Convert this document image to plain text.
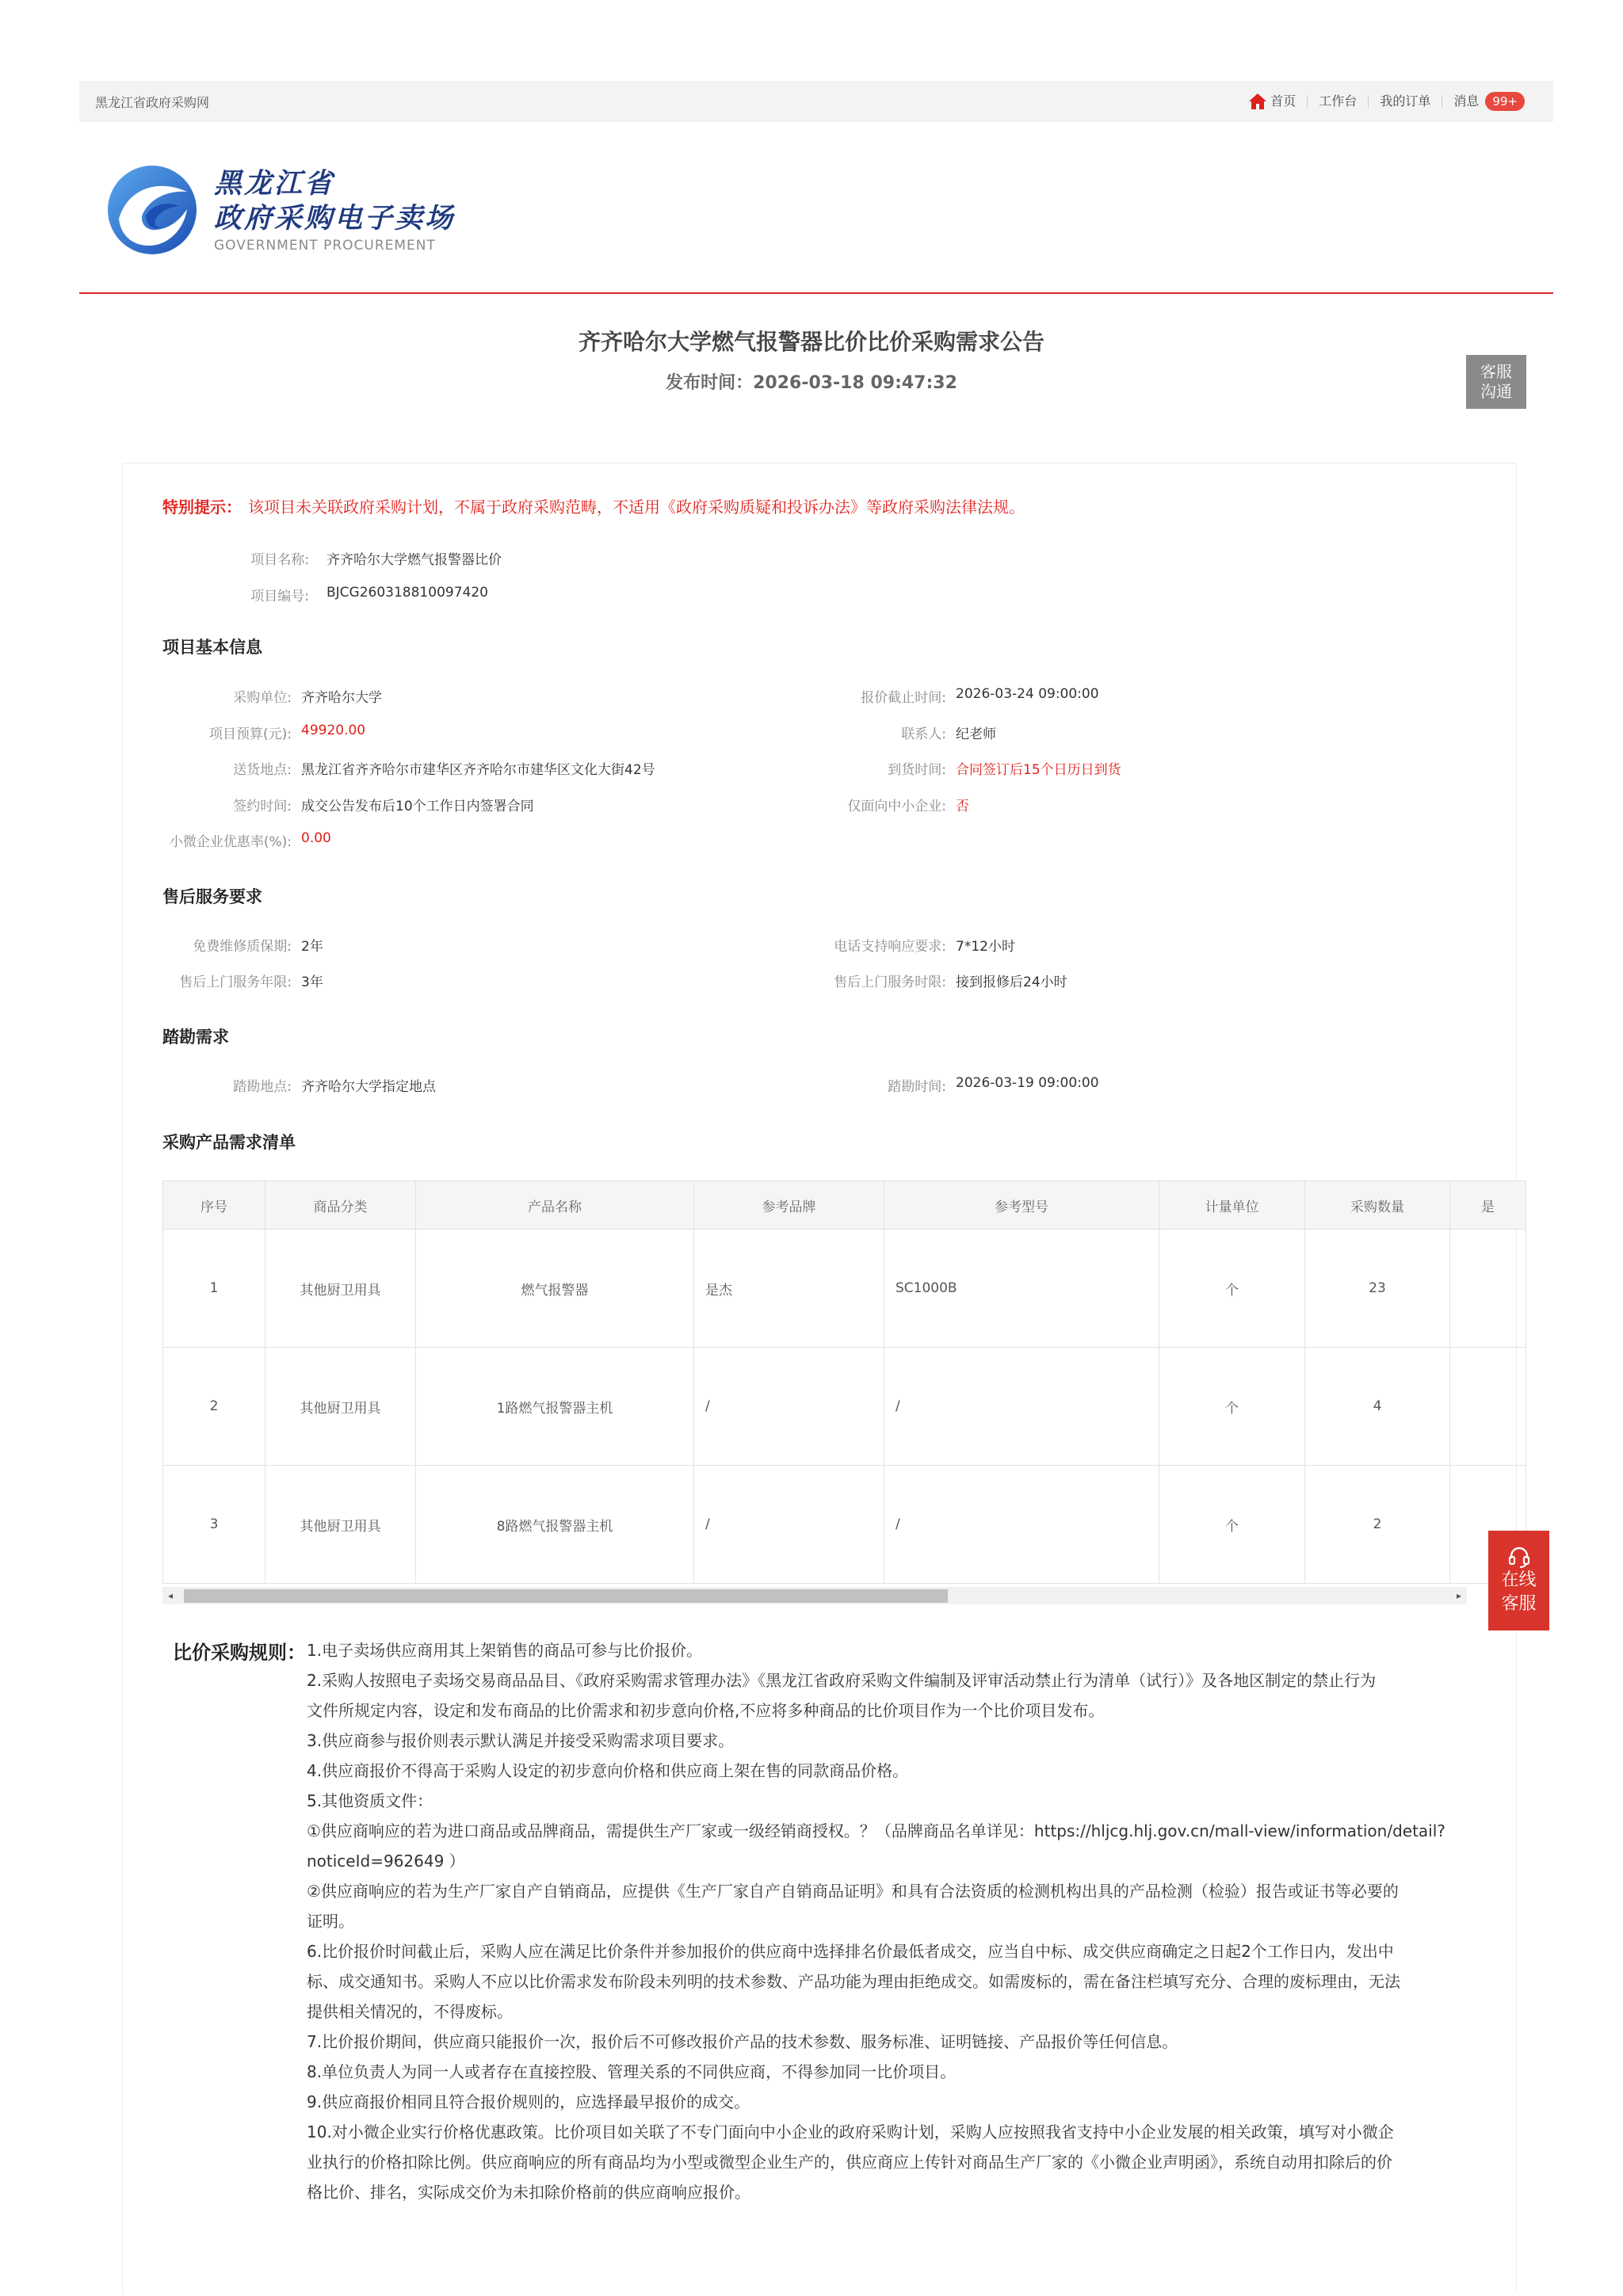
黑龙江省政府采购网	首页	工作台	我的订单	消息	99+
黑龙江省
政府采购电子卖场
GOVERNMENT PROCUREMENT
齐齐哈尔大学燃气报警器比价比价采购需求公告
发布时间：2026-03-18 09:47:32
客服
沟通
特别提示： 该项目未关联政府采购计划，不属于政府采购范畴，不适用《政府采购质疑和投诉办法》等政府采购法律法规。
项目名称: 齐齐哈尔大学燃气报警器比价
项目编号: BJCG260318810097420
项目基本信息
采购单位: 齐齐哈尔大学
项目预算(元): 49920.00
送货地点: 黑龙江省齐齐哈尔市建华区齐齐哈尔市建华区文化大街42号
签约时间: 成交公告发布后10个工作日内签署合同
小微企业优惠率(%): 0.00
报价截止时间: 2026-03-24 09:00:00
联系人: 纪老师
到货时间: 合同签订后15个日历日到货
仅面向中小企业: 否
售后服务要求
免费维修质保期: 2年
售后上门服务年限: 3年
电话支持响应要求: 7*12小时
售后上门服务时限: 接到报修后24小时
踏勘需求
踏勘地点: 齐齐哈尔大学指定地点	踏勘时间: 2026-03-19 09:00:00
采购产品需求清单
序号	商品分类	产品名称	参考品牌	参考型号	计量单位	采购数量	是
1	其他厨卫用具	燃气报警器	是杰	SC1000B	个	23	
2	其他厨卫用具	1路燃气报警器主机	/	/	个	4	
3	其他厨卫用具	8路燃气报警器主机	/	/	个	2	
◂	▸
比价采购规则： 1.电子卖场供应商用其上架销售的商品可参与比价报价。
2.采购人按照电子卖场交易商品品目、《政府采购需求管理办法》《黑龙江省政府采购文件编制及评审活动禁止行为清单（试行）》及各地区制定的禁止行为
文件所规定内容，设定和发布商品的比价需求和初步意向价格,不应将多种商品的比价项目作为一个比价项目发布。
3.供应商参与报价则表示默认满足并接受采购需求项目要求。
4.供应商报价不得高于采购人设定的初步意向价格和供应商上架在售的同款商品价格。
5.其他资质文件：
①供应商响应的若为进口商品或品牌商品，需提供生产厂家或一级经销商授权。？（品牌商品名单详见：https://hljcg.hlj.gov.cn/mall-view/information/detail?
noticeId=962649 ）
②供应商响应的若为生产厂家自产自销商品，应提供《生产厂家自产自销商品证明》和具有合法资质的检测机构出具的产品检测（检验）报告或证书等必要的
证明。
6.比价报价时间截止后，采购人应在满足比价条件并参加报价的供应商中选择排名价最低者成交，应当自中标、成交供应商确定之日起2个工作日内，发出中
标、成交通知书。采购人不应以比价需求发布阶段未列明的技术参数、产品功能为理由拒绝成交。如需废标的，需在备注栏填写充分、合理的废标理由，无法
提供相关情况的，不得废标。
7.比价报价期间，供应商只能报价一次，报价后不可修改报价产品的技术参数、服务标准、证明链接、产品报价等任何信息。
8.单位负责人为同一人或者存在直接控股、管理关系的不同供应商，不得参加同一比价项目。
9.供应商报价相同且符合报价规则的，应选择最早报价的成交。
10.对小微企业实行价格优惠政策。比价项目如关联了不专门面向中小企业的政府采购计划，采购人应按照我省支持中小企业发展的相关政策，填写对小微企
业执行的价格扣除比例。供应商响应的所有商品均为小型或微型企业生产的，供应商应上传针对商品生产厂家的《小微企业声明函》，系统自动用扣除后的价
格比价、排名，实际成交价为未扣除价格前的供应商响应报价。
在线
客服
